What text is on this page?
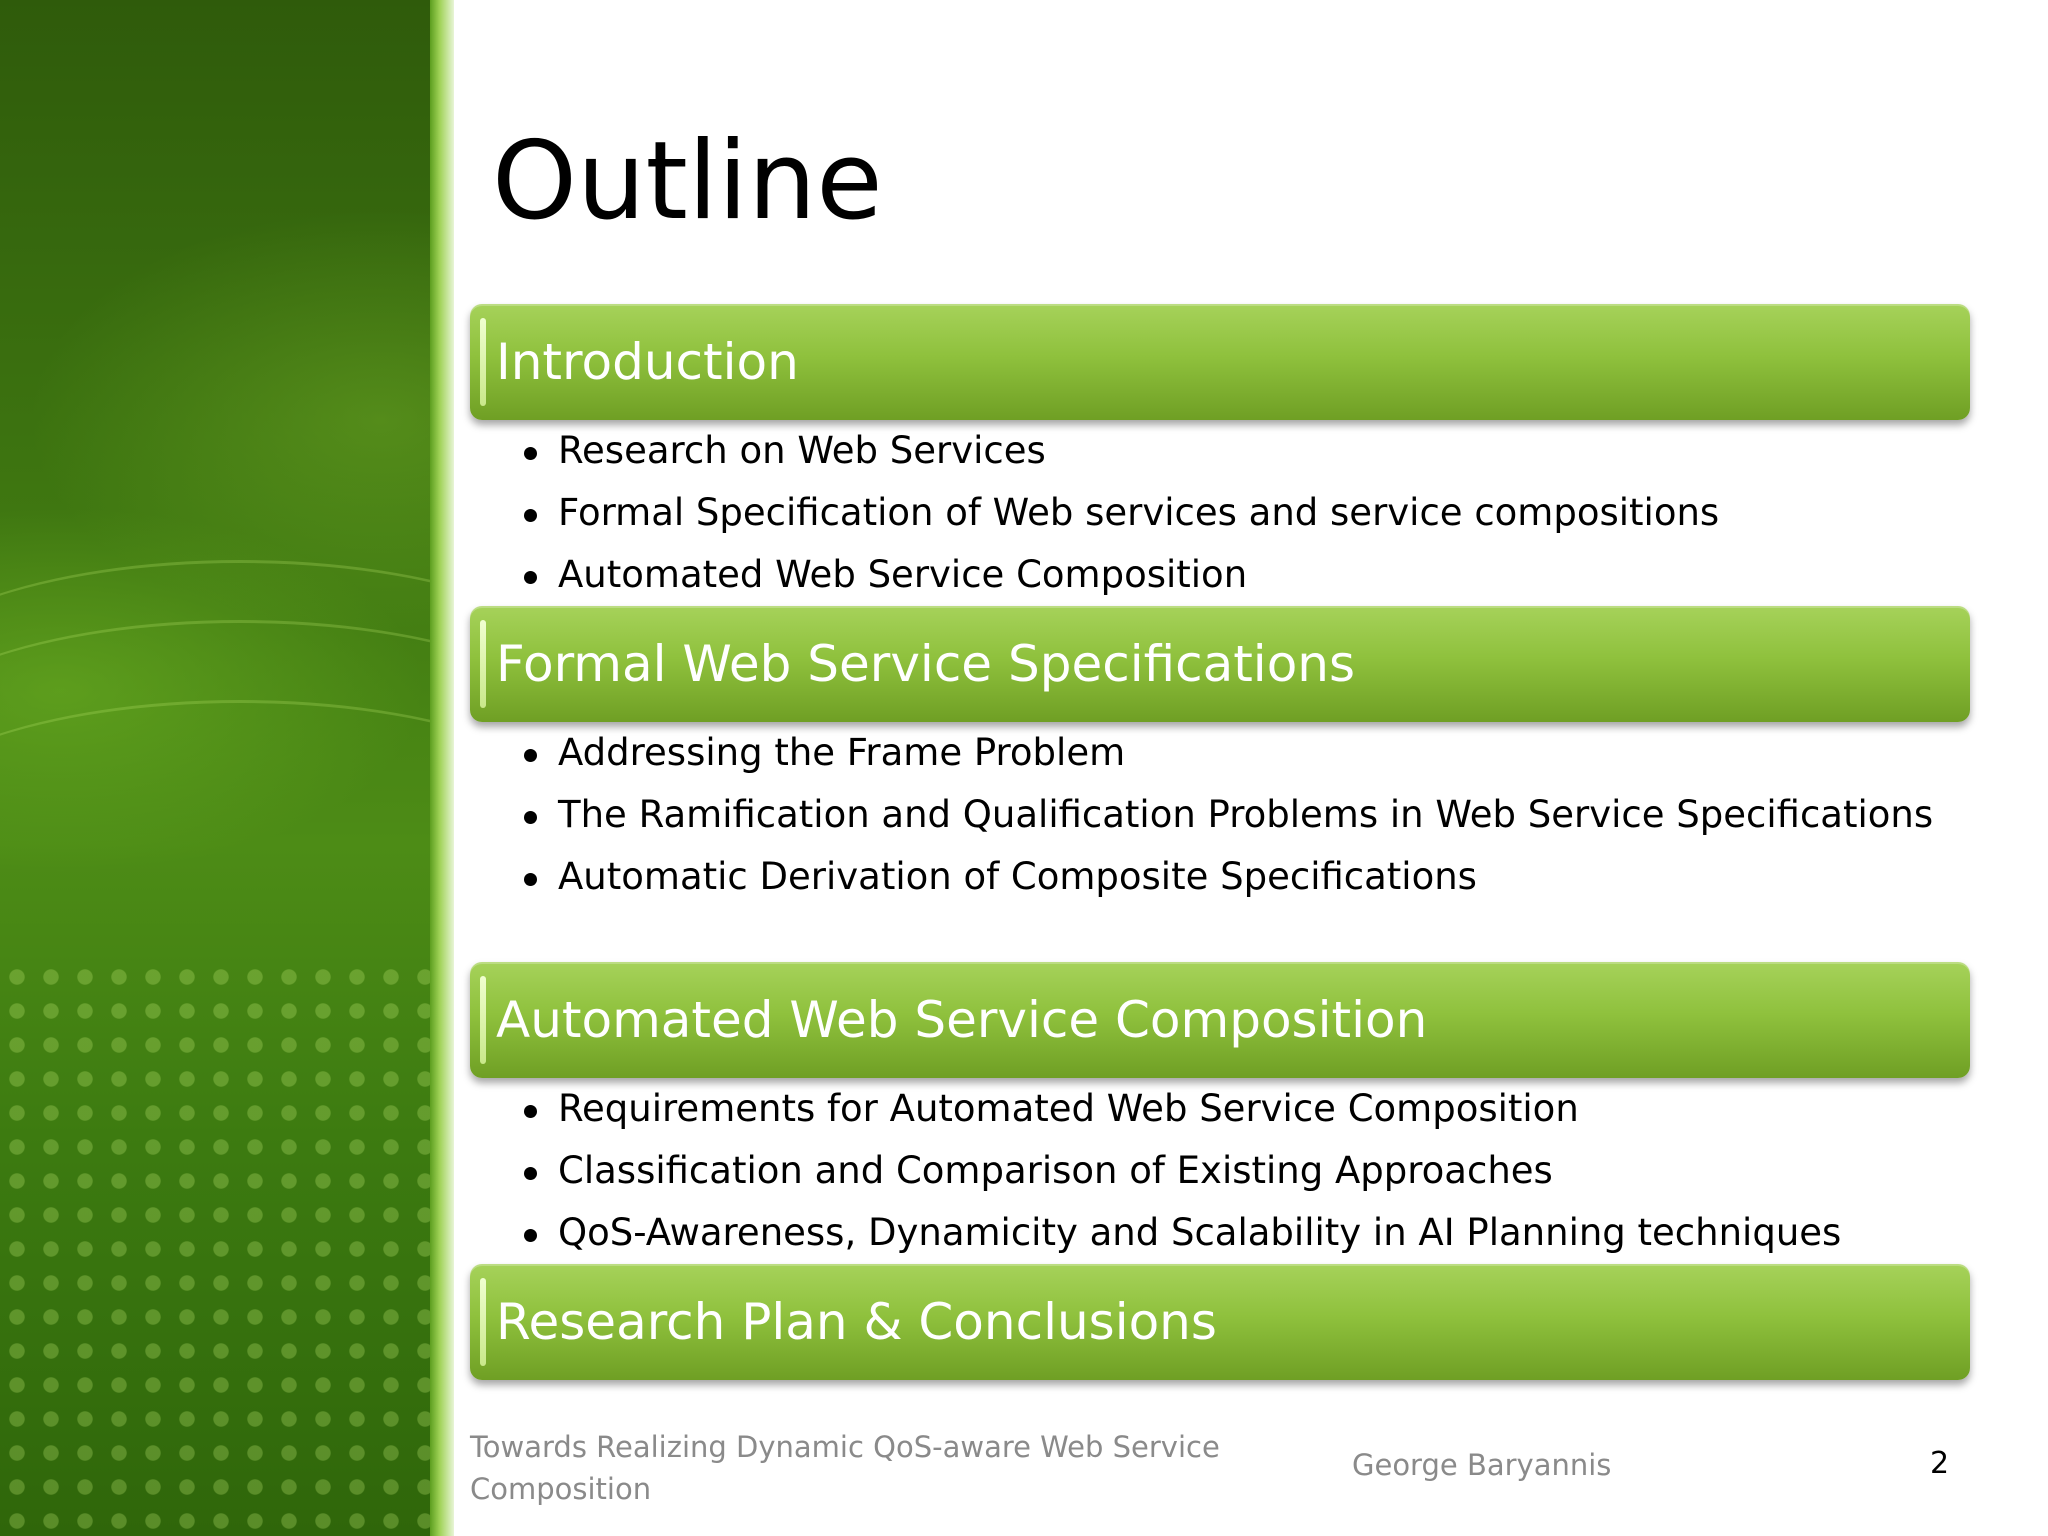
Outline
Introduction
Research on Web Services
Formal Specification of Web services and service compositions
Automated Web Service Composition
Formal Web Service Specifications
Addressing the Frame Problem
The Ramification and Qualification Problems in Web Service Specifications
Automatic Derivation of Composite Specifications
Automated Web Service Composition
Requirements for Automated Web Service Composition
Classification and Comparison of Existing Approaches
QoS-Awareness, Dynamicity and Scalability in AI Planning techniques
Research Plan & Conclusions
Towards Realizing Dynamic QoS-aware Web Service Composition
George Baryannis	2
